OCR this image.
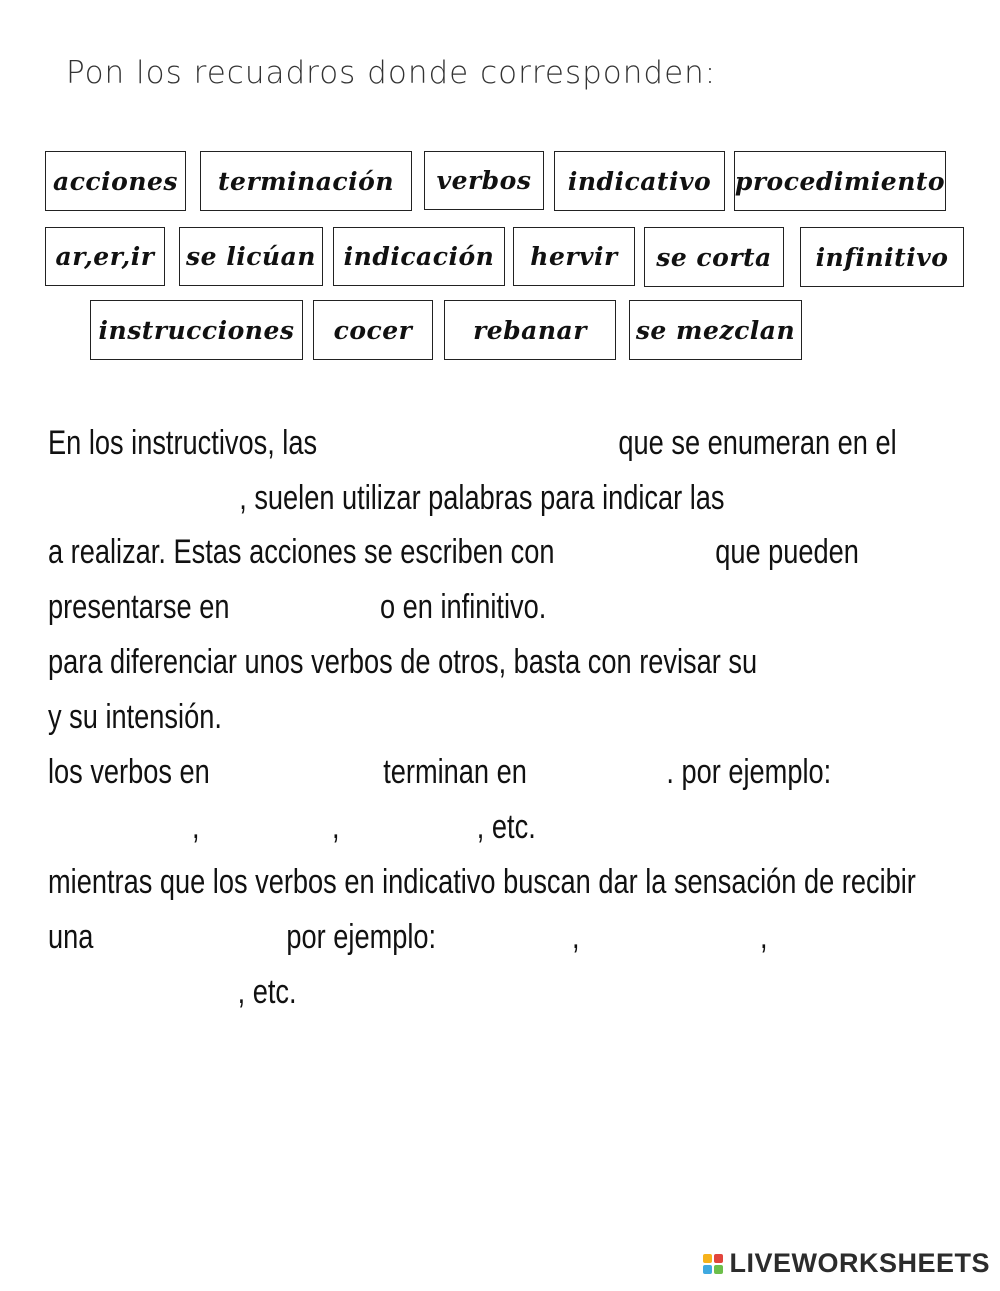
Pon los recuadros donde corresponden:
acciones	terminación	verbos	indicativo procedimiento
ar,er,ir	se licúan	indicación	hervir	se corta	infinitivo
instrucciones	cocer	rebanar	se mezclan
En los instructivos, las	que se enumeran en el
, suelen utilizar palabras para indicar las
a realizar. Estas acciones se escriben con	que pueden
presentarse en	o en infinitivo.
para diferenciar unos verbos de otros, basta con revisar su
y su intensión.
los verbos en	terminan en	. por ejemplo:
,	,	, etc.
mientras que los verbos en indicativo buscan dar la sensación de recibir
una	por ejemplo:	,	,
, etc.
LIVEWORKSHEETS
